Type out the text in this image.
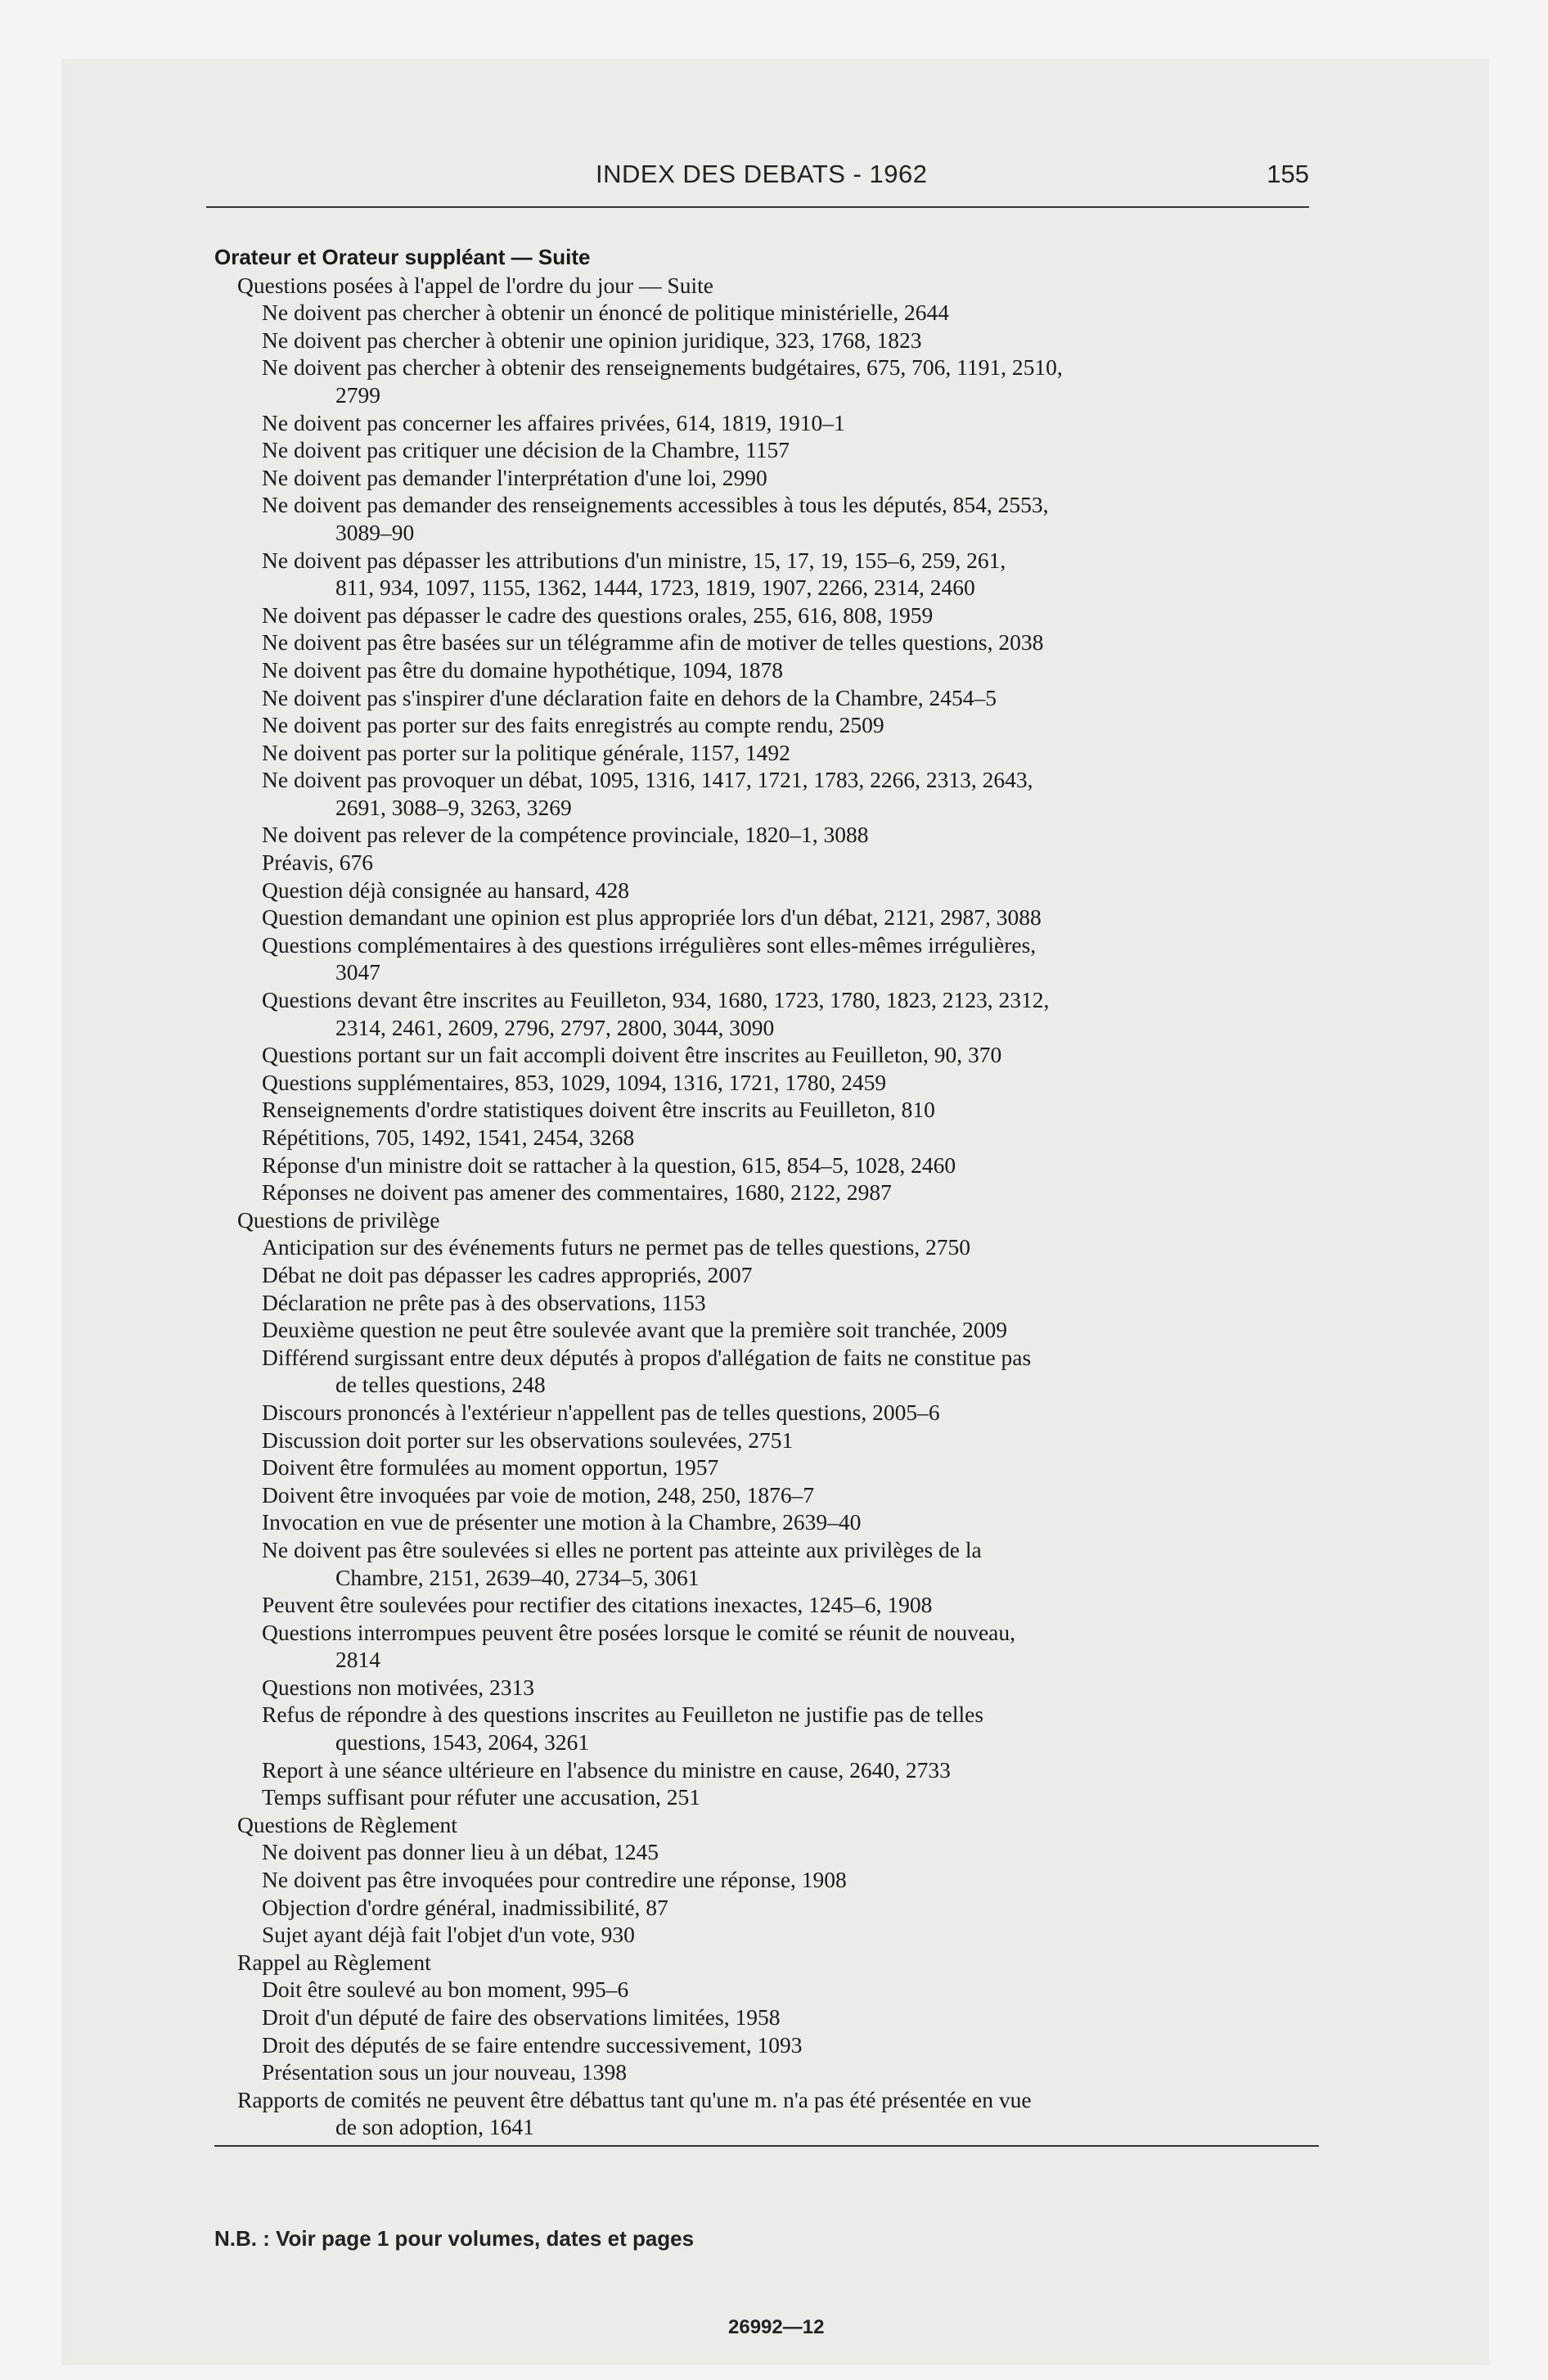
INDEX DES DEBATS - 1962	155
Orateur et Orateur suppléant — Suite
Questions posées à l'appel de l'ordre du jour — Suite
Ne doivent pas chercher à obtenir un énoncé de politique ministérielle, 2644
Ne doivent pas chercher à obtenir une opinion juridique, 323, 1768, 1823
Ne doivent pas chercher à obtenir des renseignements budgétaires, 675, 706, 1191, 2510,
2799
Ne doivent pas concerner les affaires privées, 614, 1819, 1910–1
Ne doivent pas critiquer une décision de la Chambre, 1157
Ne doivent pas demander l'interprétation d'une loi, 2990
Ne doivent pas demander des renseignements accessibles à tous les députés, 854, 2553,
3089–90
Ne doivent pas dépasser les attributions d'un ministre, 15, 17, 19, 155–6, 259, 261,
811, 934, 1097, 1155, 1362, 1444, 1723, 1819, 1907, 2266, 2314, 2460
Ne doivent pas dépasser le cadre des questions orales, 255, 616, 808, 1959
Ne doivent pas être basées sur un télégramme afin de motiver de telles questions, 2038
Ne doivent pas être du domaine hypothétique, 1094, 1878
Ne doivent pas s'inspirer d'une déclaration faite en dehors de la Chambre, 2454–5
Ne doivent pas porter sur des faits enregistrés au compte rendu, 2509
Ne doivent pas porter sur la politique générale, 1157, 1492
Ne doivent pas provoquer un débat, 1095, 1316, 1417, 1721, 1783, 2266, 2313, 2643,
2691, 3088–9, 3263, 3269
Ne doivent pas relever de la compétence provinciale, 1820–1, 3088
Préavis, 676
Question déjà consignée au hansard, 428
Question demandant une opinion est plus appropriée lors d'un débat, 2121, 2987, 3088
Questions complémentaires à des questions irrégulières sont elles-mêmes irrégulières,
3047
Questions devant être inscrites au Feuilleton, 934, 1680, 1723, 1780, 1823, 2123, 2312,
2314, 2461, 2609, 2796, 2797, 2800, 3044, 3090
Questions portant sur un fait accompli doivent être inscrites au Feuilleton, 90, 370
Questions supplémentaires, 853, 1029, 1094, 1316, 1721, 1780, 2459
Renseignements d'ordre statistiques doivent être inscrits au Feuilleton, 810
Répétitions, 705, 1492, 1541, 2454, 3268
Réponse d'un ministre doit se rattacher à la question, 615, 854–5, 1028, 2460
Réponses ne doivent pas amener des commentaires, 1680, 2122, 2987
Questions de privilège
Anticipation sur des événements futurs ne permet pas de telles questions, 2750
Débat ne doit pas dépasser les cadres appropriés, 2007
Déclaration ne prête pas à des observations, 1153
Deuxième question ne peut être soulevée avant que la première soit tranchée, 2009
Différend surgissant entre deux députés à propos d'allégation de faits ne constitue pas
de telles questions, 248
Discours prononcés à l'extérieur n'appellent pas de telles questions, 2005–6
Discussion doit porter sur les observations soulevées, 2751
Doivent être formulées au moment opportun, 1957
Doivent être invoquées par voie de motion, 248, 250, 1876–7
Invocation en vue de présenter une motion à la Chambre, 2639–40
Ne doivent pas être soulevées si elles ne portent pas atteinte aux privilèges de la
Chambre, 2151, 2639–40, 2734–5, 3061
Peuvent être soulevées pour rectifier des citations inexactes, 1245–6, 1908
Questions interrompues peuvent être posées lorsque le comité se réunit de nouveau,
2814
Questions non motivées, 2313
Refus de répondre à des questions inscrites au Feuilleton ne justifie pas de telles
questions, 1543, 2064, 3261
Report à une séance ultérieure en l'absence du ministre en cause, 2640, 2733
Temps suffisant pour réfuter une accusation, 251
Questions de Règlement
Ne doivent pas donner lieu à un débat, 1245
Ne doivent pas être invoquées pour contredire une réponse, 1908
Objection d'ordre général, inadmissibilité, 87
Sujet ayant déjà fait l'objet d'un vote, 930
Rappel au Règlement
Doit être soulevé au bon moment, 995–6
Droit d'un député de faire des observations limitées, 1958
Droit des députés de se faire entendre successivement, 1093
Présentation sous un jour nouveau, 1398
Rapports de comités ne peuvent être débattus tant qu'une m. n'a pas été présentée en vue
de son adoption, 1641
N.B. : Voir page 1 pour volumes, dates et pages
26992—12
